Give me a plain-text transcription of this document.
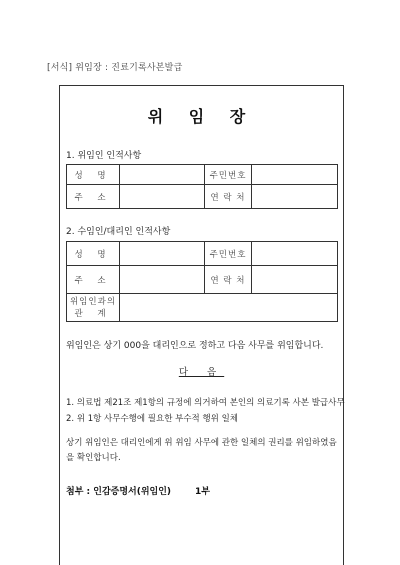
[서식] 위임장 : 진료기록사본발급
위 임 장
1. 위임인 인적사항
성 명		주민번호	
주 소		연 락 처	
2. 수임인/대리인 인적사항
성 명		주민번호	
주 소		연 락 처	

위임인과의
관 계			

위임인은 상기 000을 대리인으로 정하고 다음 사무를 위임합니다.
다 음
1. 의료법 제21조 제1항의 규정에 의거하여 본인의 의료기록 사본 발급사무
2. 위 1항 사무수행에 필요한 부수적 행위 일체
상기 위임인은 대리인에게 위 위임 사무에 관한 일체의 권리를 위임하였음을 확인합니다.
첨부 : 인감증명서(위임인)	1부
